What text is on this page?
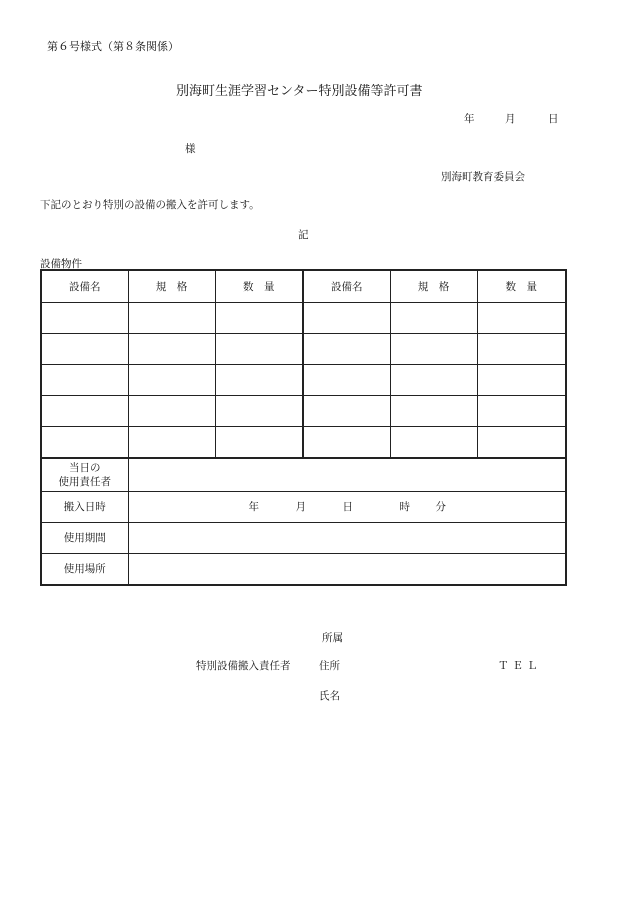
第６号様式（第８条関係）
別海町生涯学習センター特別設備等許可書
年	月	日
様
別海町教育委員会
下記のとおり特別の設備の搬入を許可します。
記
設備物件
設備名	規　格	数　量	設備名	規　格	数　量

当日の
使用責任者					

搬入日時	年 月 日 時 分				

使用期間					
使用場所					
所属
特別設備搬入責任者	住所	ＴＥＬ
氏名
